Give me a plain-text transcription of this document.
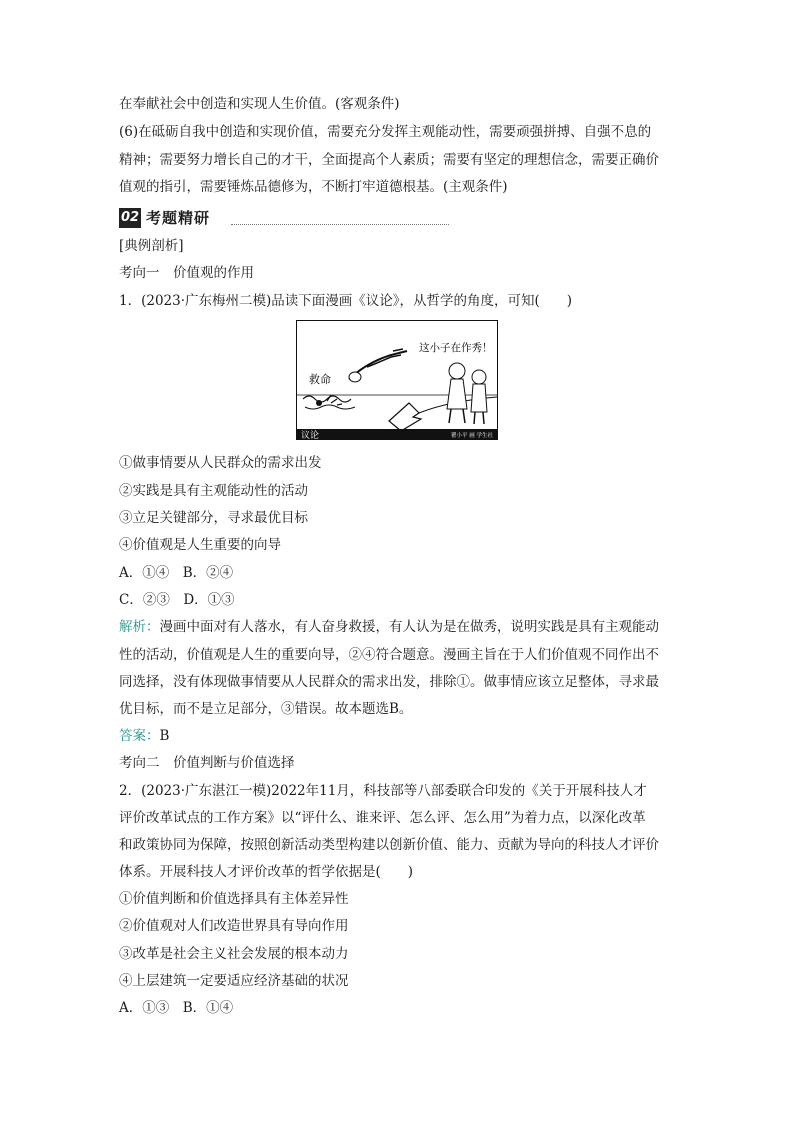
在奉献社会中创造和实现人生价值。(客观条件)
(6)在砥砺自我中创造和实现价值，需要充分发挥主观能动性，需要顽强拼搏、自强不息的
精神；需要努力增长自己的才干，全面提高个人素质；需要有坚定的理想信念，需要正确价
值观的指引，需要锤炼品德修为，不断打牢道德根基。(主观条件)
02 考题精研
[典例剖析]
考向一　价值观的作用
1．(2023·广东梅州二模)品读下面漫画《议论》，从哲学的角度，可知(　　)
救命
这小子在作秀！
议论	瞿小平 画 学生社
①做事情要从人民群众的需求出发
②实践是具有主观能动性的活动
③立足关键部分，寻求最优目标
④价值观是人生重要的向导
A．①④　B．②④
C．②③　D．①③
解析：漫画中面对有人落水，有人奋身救援，有人认为是在做秀，说明实践是具有主观能动
性的活动，价值观是人生的重要向导，②④符合题意。漫画主旨在于人们价值观不同作出不
同选择，没有体现做事情要从人民群众的需求出发，排除①。做事情应该立足整体，寻求最
优目标，而不是立足部分，③错误。故本题选B。
答案：B
考向二　价值判断与价值选择
2．(2023·广东湛江一模)2022年11月，科技部等八部委联合印发的《关于开展科技人才
评价改革试点的工作方案》以“评什么、谁来评、怎么评、怎么用”为着力点，以深化改革
和政策协同为保障，按照创新活动类型构建以创新价值、能力、贡献为导向的科技人才评价
体系。开展科技人才评价改革的哲学依据是(　　)
①价值判断和价值选择具有主体差异性
②价值观对人们改造世界具有导向作用
③改革是社会主义社会发展的根本动力
④上层建筑一定要适应经济基础的状况
A．①③　B．①④
